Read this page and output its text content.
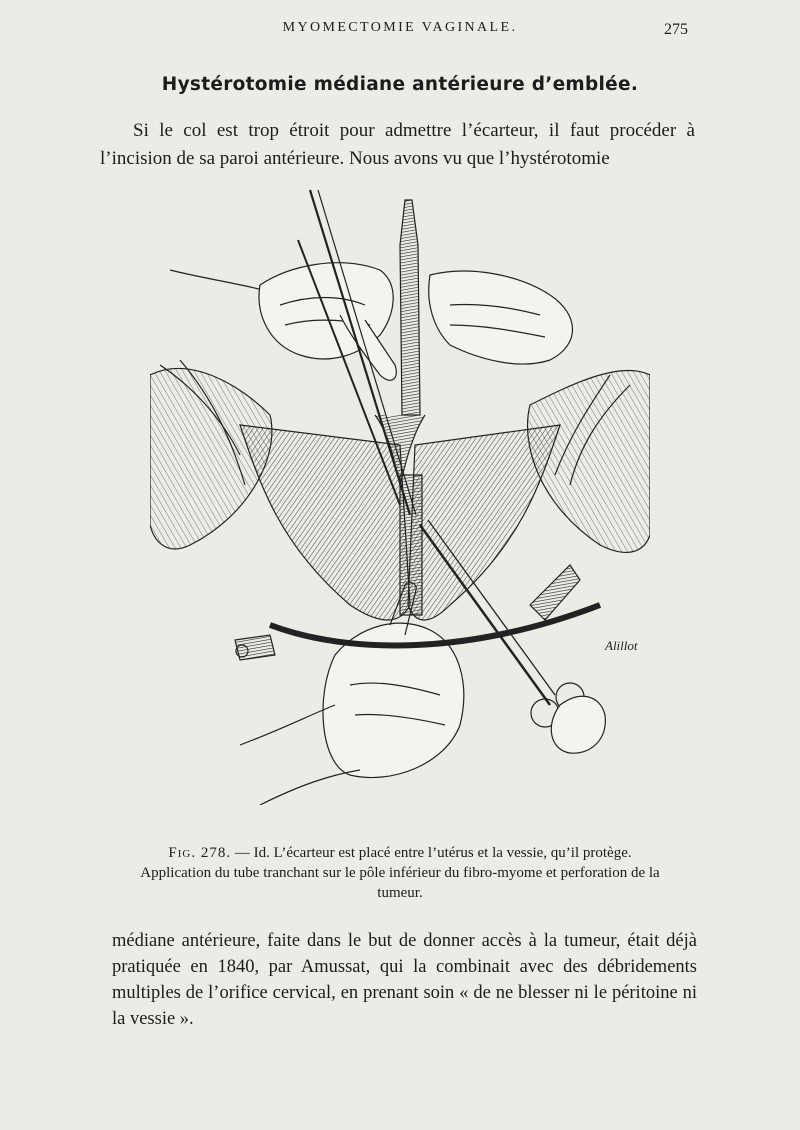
MYOMECTOMIE VAGINALE.	275
Hystérotomie médiane antérieure d’emblée.
Si le col est trop étroit pour admettre l’écarteur, il faut procéder à l’incision de sa paroi antérieure. Nous avons vu que l’hystérotomie
Alillot
Fig. 278. — Id. L’écarteur est placé entre l’utérus et la vessie, qu’il protège. Application du tube tranchant sur le pôle inférieur du fibro-myome et perforation de la tumeur.
médiane antérieure, faite dans le but de donner accès à la tumeur, était déjà pratiquée en 1840, par Amussat, qui la combinait avec des débridements multiples de l’orifice cervical, en prenant soin « de ne blesser ni le péritoine ni la vessie ».
